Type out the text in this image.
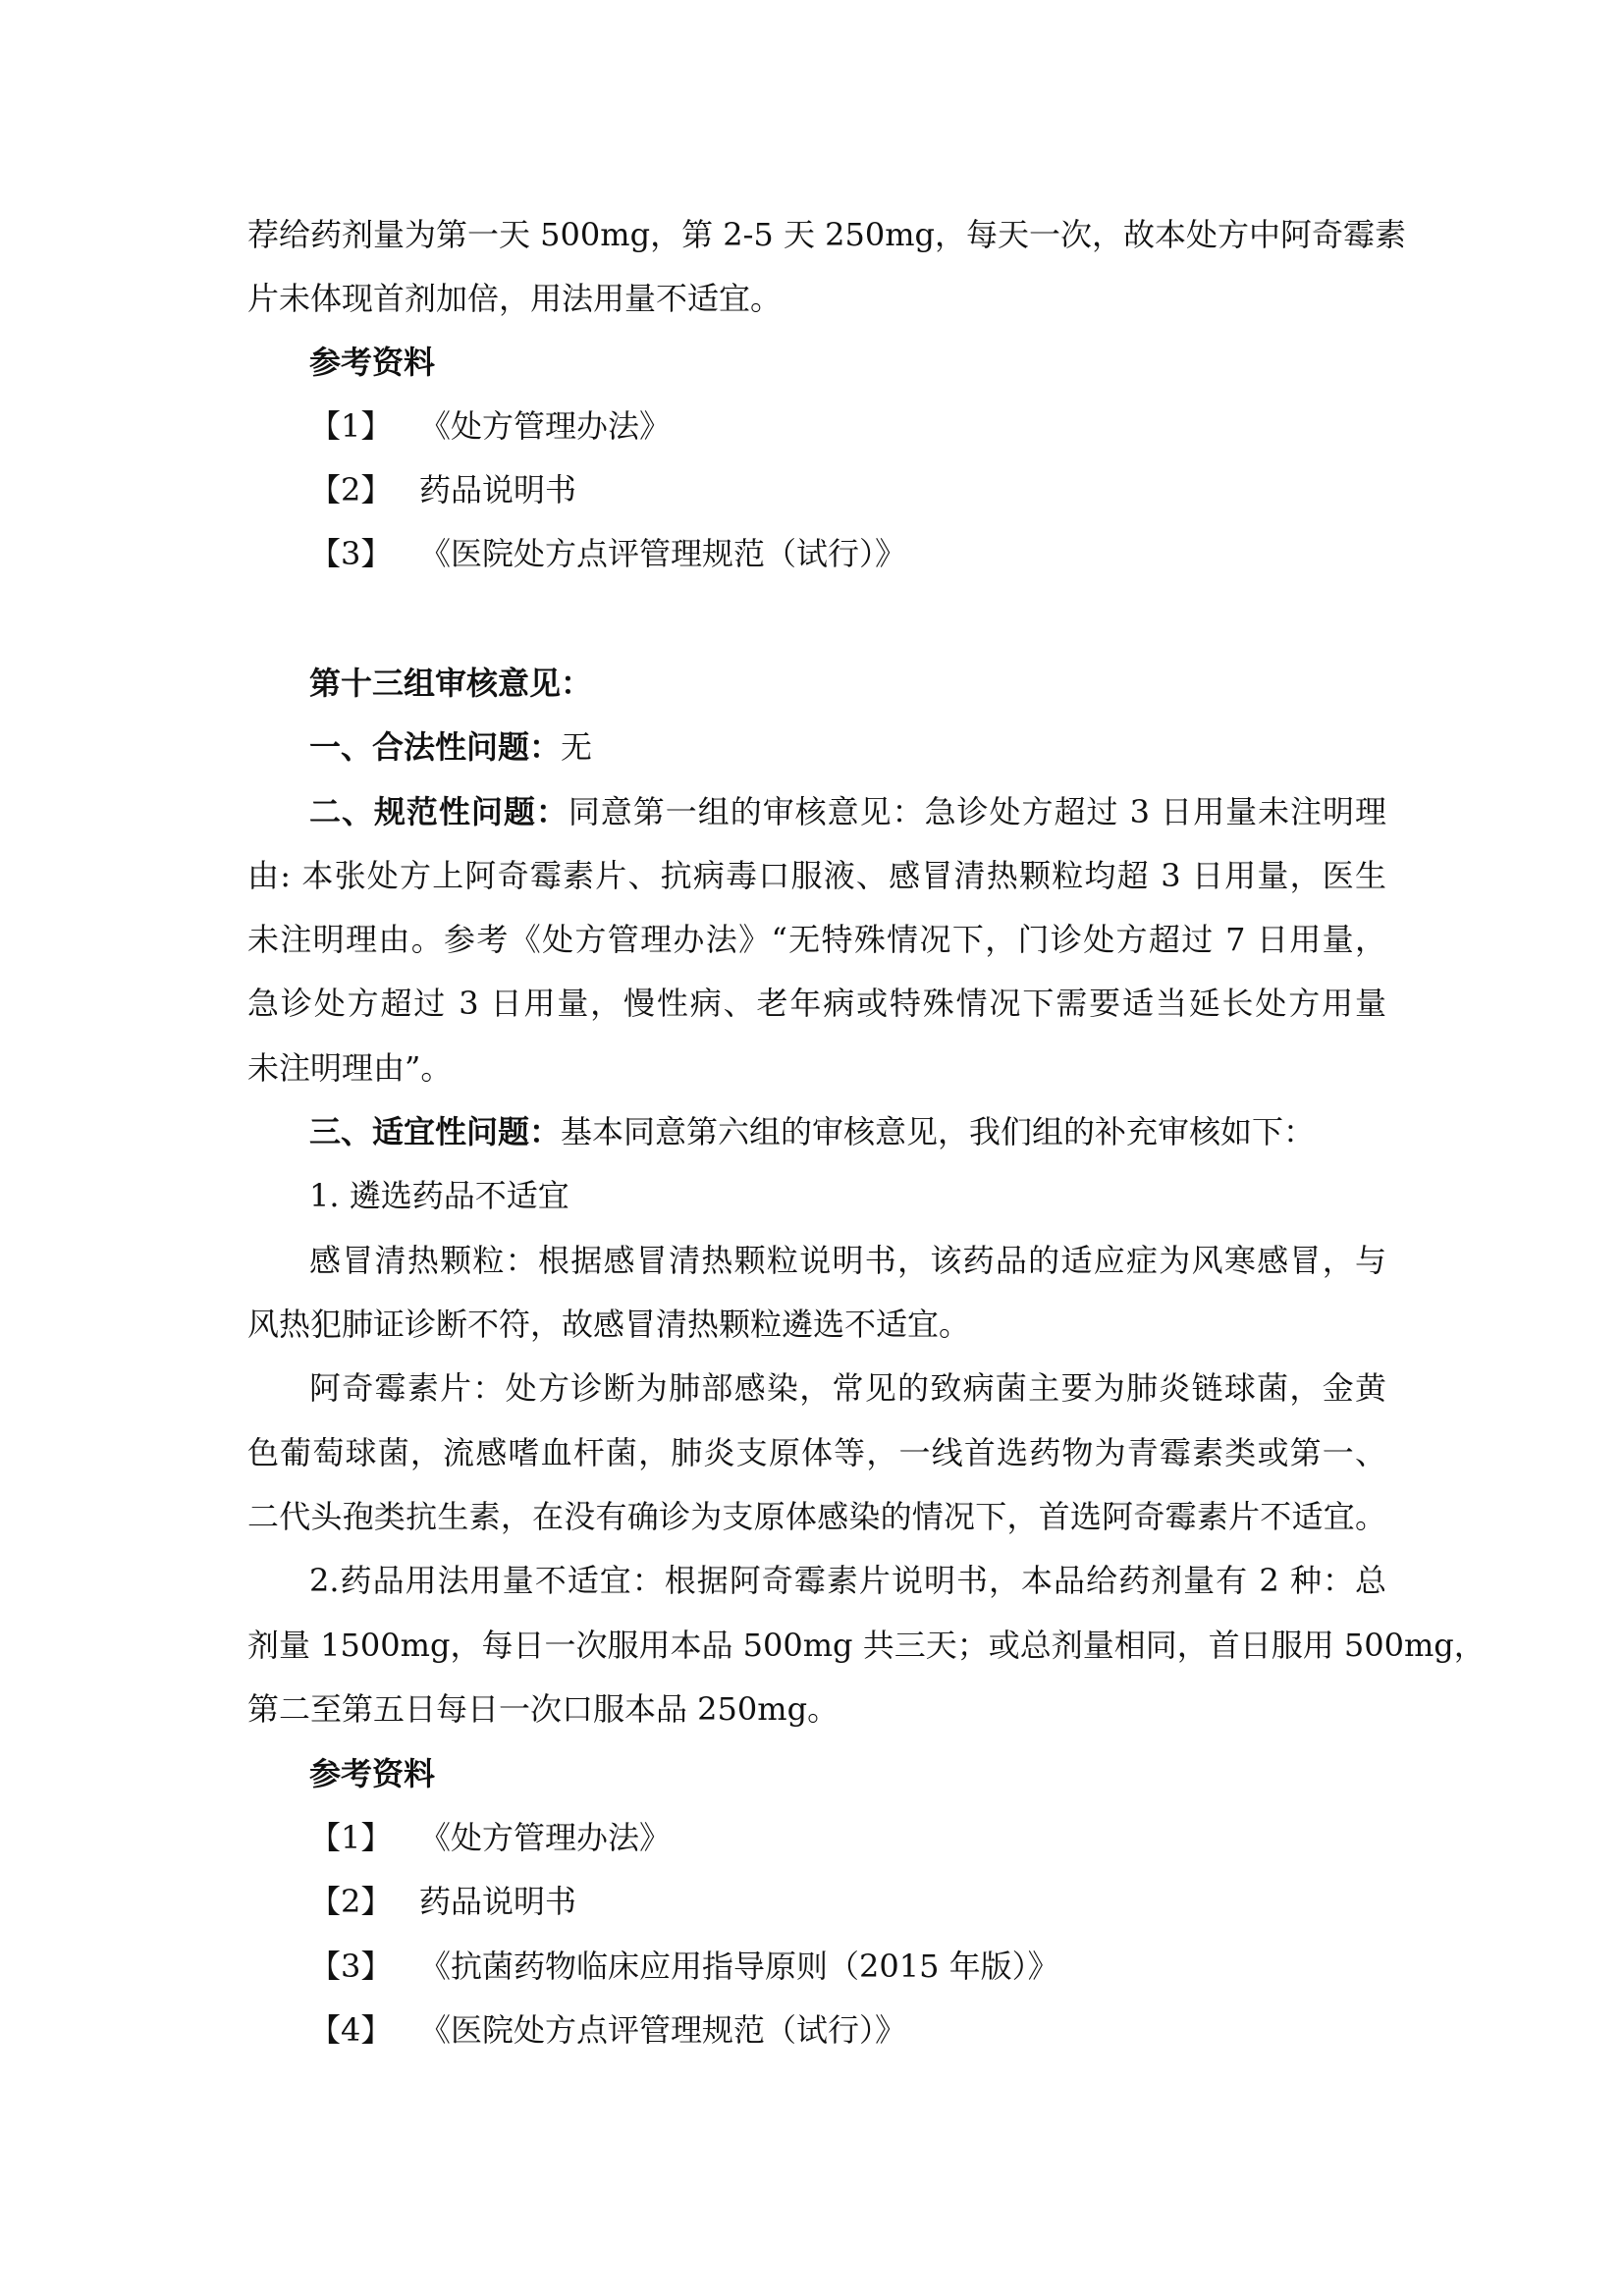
荐给药剂量为第一天 500mg，第 2-5 天 250mg，每天一次，故本处方中阿奇霉素
片未体现首剂加倍，用法用量不适宜。
参考资料
【1】 《处方管理办法》
【2】 药品说明书
【3】 《医院处方点评管理规范（试行）》
第十三组审核意见：
一、合法性问题：无
二、规范性问题：同意第一组的审核意见：急诊处方超过 3 日用量未注明理
由: 本张处方上阿奇霉素片、抗病毒口服液、感冒清热颗粒均超 3 日用量，医生
未注明理由。参考《处方管理办法》“无特殊情况下，门诊处方超过 7 日用量，
急诊处方超过 3 日用量，慢性病、老年病或特殊情况下需要适当延长处方用量
未注明理由”。
三、适宜性问题：基本同意第六组的审核意见，我们组的补充审核如下：
1. 遴选药品不适宜
感冒清热颗粒：根据感冒清热颗粒说明书，该药品的适应症为风寒感冒，与
风热犯肺证诊断不符，故感冒清热颗粒遴选不适宜。
阿奇霉素片：处方诊断为肺部感染，常见的致病菌主要为肺炎链球菌，金黄
色葡萄球菌，流感嗜血杆菌，肺炎支原体等，一线首选药物为青霉素类或第一、
二代头孢类抗生素，在没有确诊为支原体感染的情况下，首选阿奇霉素片不适宜。
2.药品用法用量不适宜：根据阿奇霉素片说明书，本品给药剂量有 2 种：总
剂量 1500mg，每日一次服用本品 500mg 共三天；或总剂量相同，首日服用 500mg，
第二至第五日每日一次口服本品 250mg。
参考资料
【1】 《处方管理办法》
【2】 药品说明书
【3】 《抗菌药物临床应用指导原则（2015 年版）》
【4】 《医院处方点评管理规范（试行）》
